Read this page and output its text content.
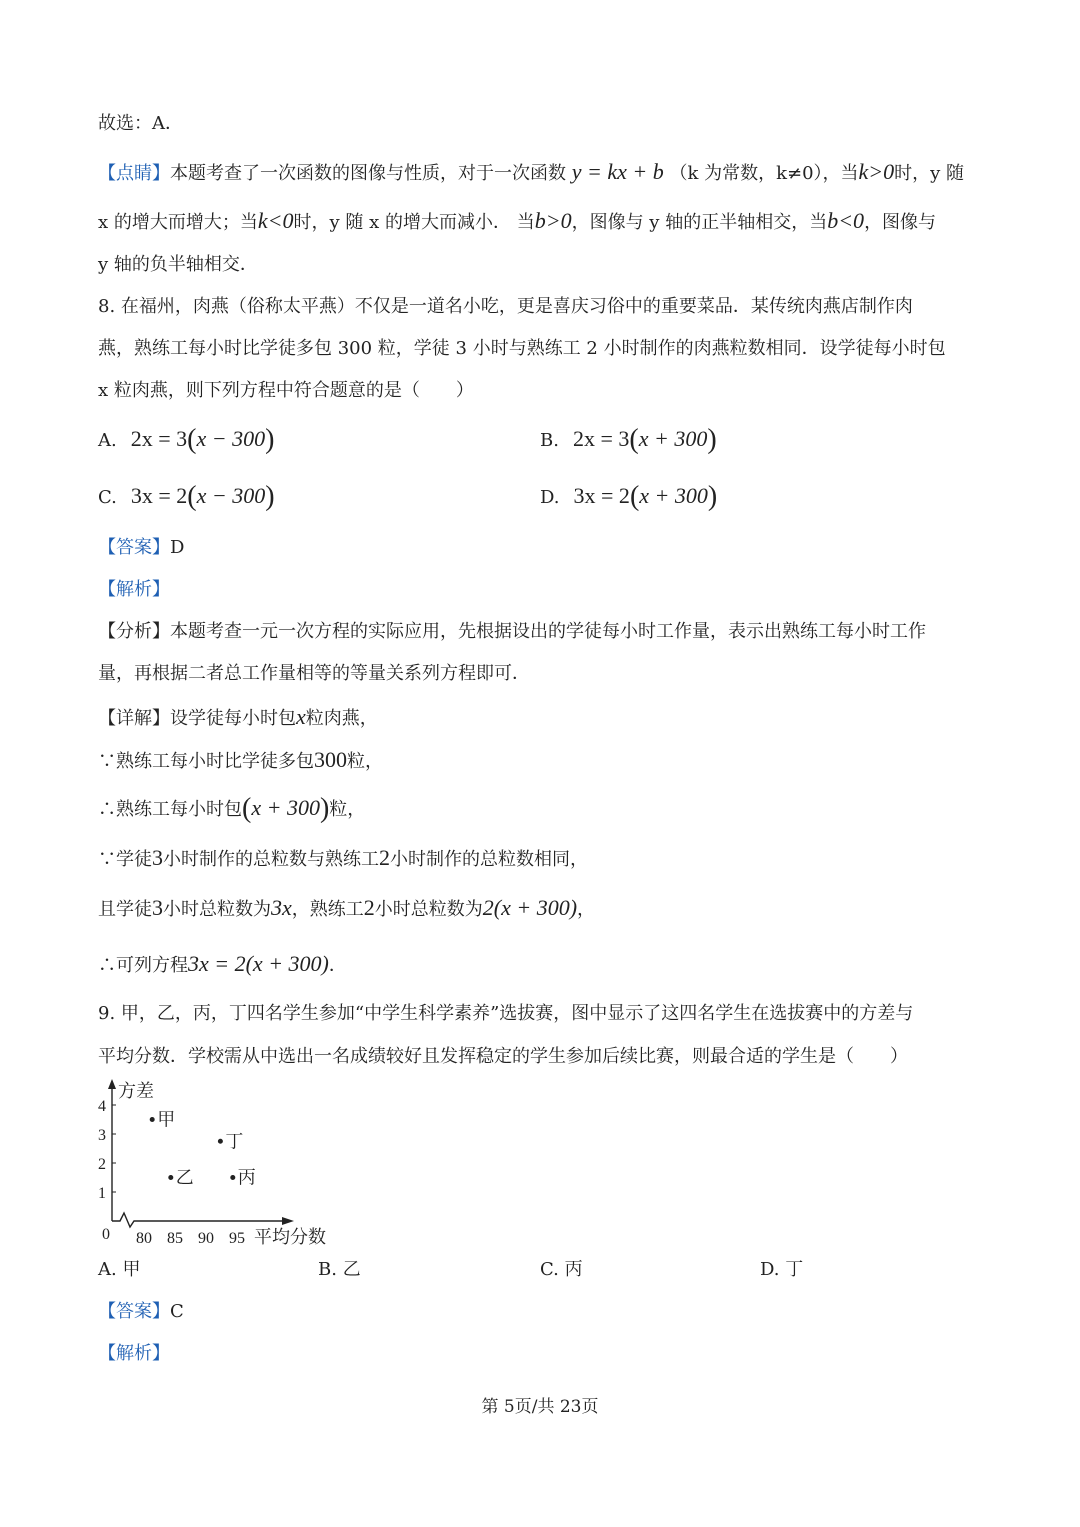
故选：A．
【点睛】本题考查了一次函数的图像与性质，对于一次函数 y = kx + b （k 为常数，k≠0），当k>0时，y 随
x 的增大而增大；当k<0时，y 随 x 的增大而减小． 当b>0，图像与 y 轴的正半轴相交，当b<0，图像与
y 轴的负半轴相交．
8. 在福州，肉燕（俗称太平燕）不仅是一道名小吃，更是喜庆习俗中的重要菜品．某传统肉燕店制作肉
燕，熟练工每小时比学徒多包 300 粒，学徒 3 小时与熟练工 2 小时制作的肉燕粒数相同．设学徒每小时包
x 粒肉燕，则下列方程中符合题意的是（　　）
A. 2x = 3(x − 300)	B. 2x = 3(x + 300)
C. 3x = 2(x − 300)	D. 3x = 2(x + 300)
【答案】D
【解析】
【分析】本题考查一元一次方程的实际应用，先根据设出的学徒每小时工作量，表示出熟练工每小时工作
量，再根据二者总工作量相等的等量关系列方程即可．
【详解】设学徒每小时包x粒肉燕，
∵熟练工每小时比学徒多包300粒，
∴熟练工每小时包(x + 300)粒，
∵学徒3小时制作的总粒数与熟练工2小时制作的总粒数相同，
且学徒3小时总粒数为3x，熟练工2小时总粒数为2(x + 300)，
∴可列方程3x = 2(x + 300)．
9. 甲，乙，丙，丁四名学生参加“中学生科学素养”选拔赛，图中显示了这四名学生在选拔赛中的方差与
平均分数．学校需从中选出一名成绩较好且发挥稳定的学生参加后续比赛，则最合适的学生是（　　）
方差
平均分数
0
1
2
3
4
80 85 90 95
甲
乙 丙
丁
A. 甲	B. 乙	C. 丙	D. 丁
【答案】C
【解析】
第 5页/共 23页
